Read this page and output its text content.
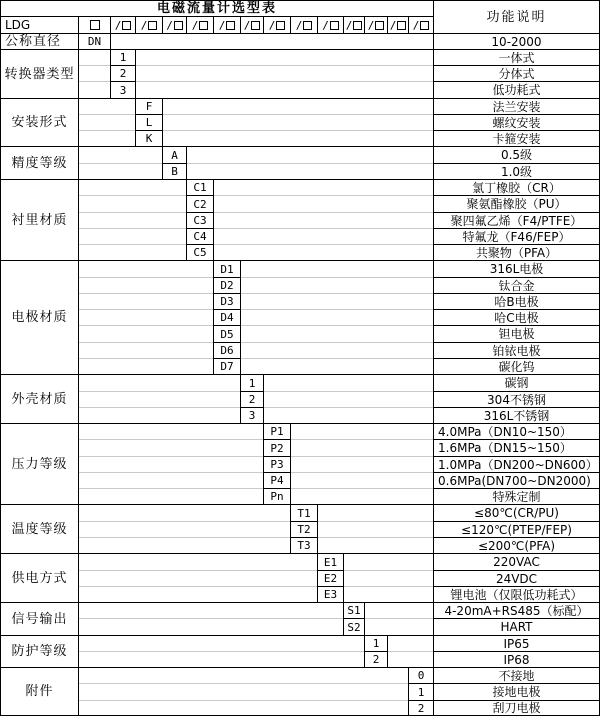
电磁流量计选型表
功能说明
LDG
公称直径	DN	10-2000
/ / / / / / / / / / / / /
转换器类型
1	一体式
2	分体式
3	低功耗式
安装形式
F	法兰安装
L	螺纹安装
K	卡箍安装
精度等级
A	0.5级
B	1.0级
衬里材质
C1	氯丁橡胶（CR）
C2	聚氨酯橡胶（PU）
C3	聚四氟乙烯（F4/PTFE）
C4	特氟龙（F46/FEP）
C5	共聚物（PFA）
电极材质
D1	316L电极
D2	钛合金
D3	哈B电极
D4	哈C电极
D5	钽电极
D6	铂铱电极
D7	碳化钨
外壳材质
1	碳钢
2	304不锈钢
3	316L不锈钢
压力等级
P1	4.0MPa（DN10~150）
P2	1.6MPa（DN15~150）
P3	1.0MPa（DN200~DN600）
P4	0.6MPa(DN700~DN2000)
Pn	特殊定制
温度等级
T1	≤80℃(CR/PU)
T2	≤120℃(PTEP/FEP)
T3	≤200℃(PFA)
供电方式
E1	220VAC
E2	24VDC
E3	锂电池（仅限低功耗式）
信号输出
S1	4-20mA+RS485（标配）
S2	HART
防护等级
1	IP65
2	IP68
附件
0	不接地
1	接地电极
2	刮刀电极
